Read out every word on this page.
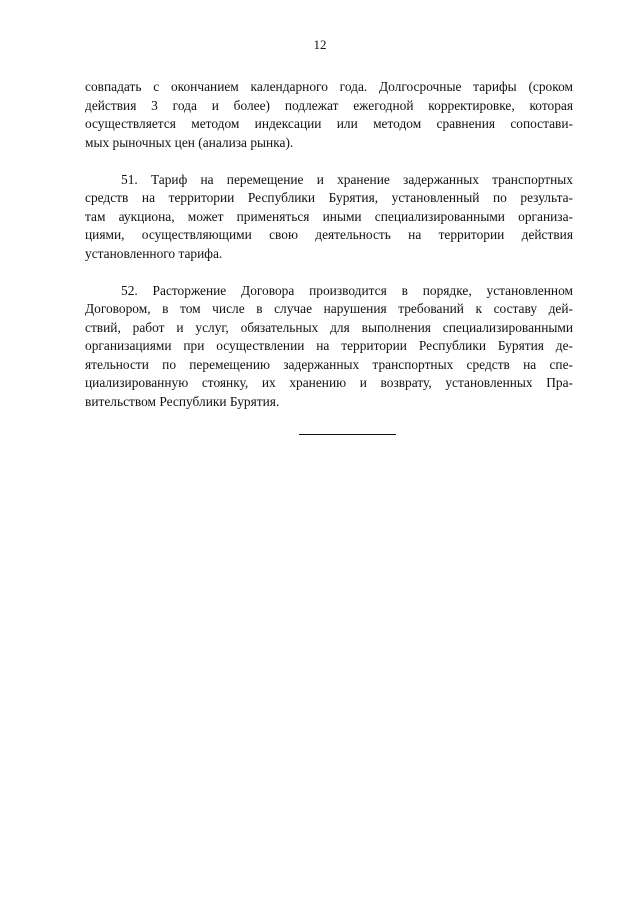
12

совпадать с окончанием календарного года. Долгосрочные тарифы (сроком
действия 3 года и более) подлежат ежегодной корректировке, которая
осуществляется методом индексации или методом сравнения сопостави-
мых рыночных цен (анализа рынка).

51. Тариф на перемещение и хранение задержанных транспортных
средств на территории Республики Бурятия, установленный по результа-
там аукциона, может применяться иными специализированными организа-
циями, осуществляющими свою деятельность на территории действия
установленного тарифа.

52. Расторжение Договора производится в порядке, установленном
Договором, в том числе в случае нарушения требований к составу дей-
ствий, работ и услуг, обязательных для выполнения специализированными
организациями при осуществлении на территории Республики Бурятия де-
ятельности по перемещению задержанных транспортных средств на спе-
циализированную стоянку, их хранению и возврату, установленных Пра-
вительством Республики Бурятия.
